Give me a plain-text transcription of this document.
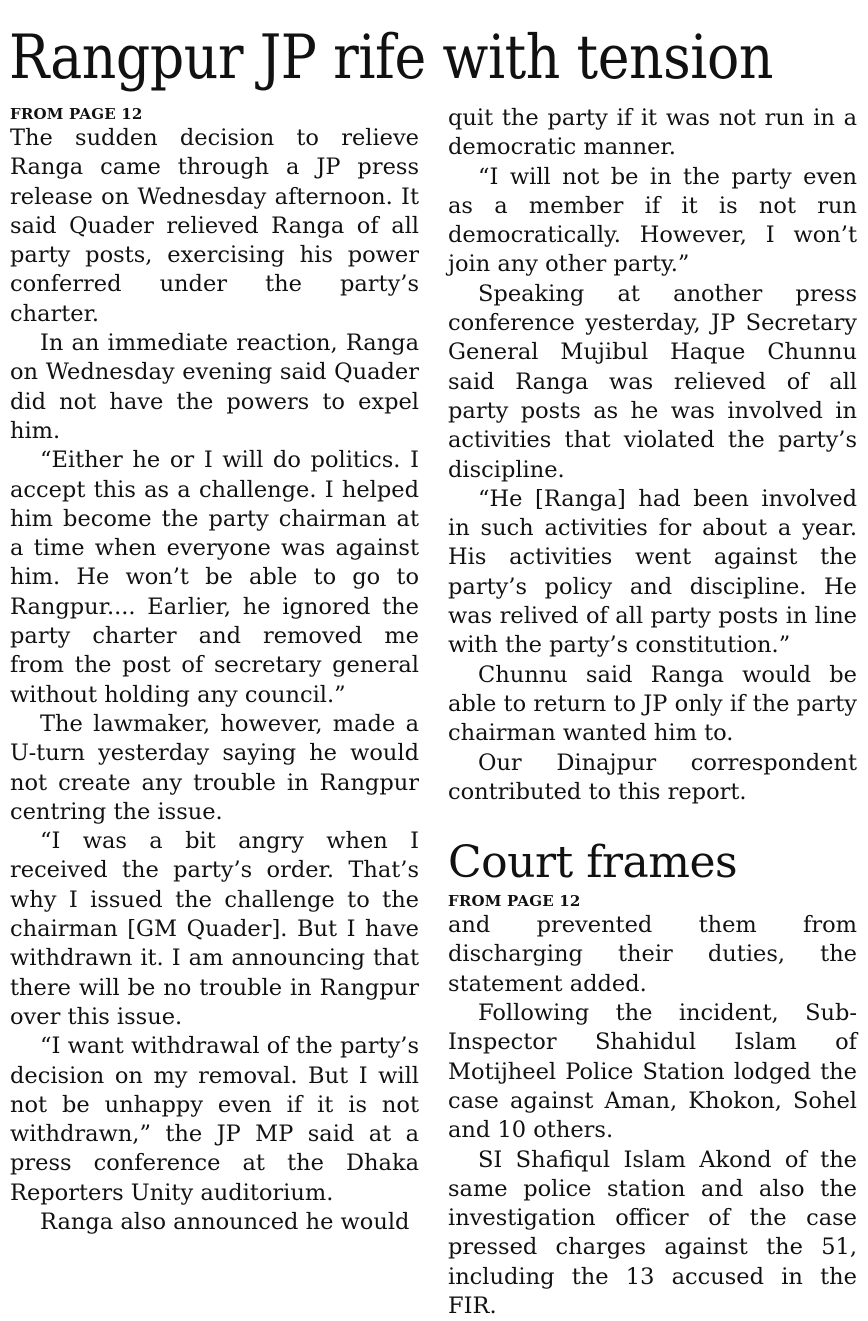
Rangpur JP rife with tension

FROM PAGE 12

The sudden decision to relieve Ranga came through a JP press release on Wednesday afternoon. It said Quader relieved Ranga of all party posts, exercising his power conferred under the party’s charter.

In an immediate reaction, Ranga on Wednesday evening said Quader did not have the powers to expel him.

“Either he or I will do politics. I accept this as a challenge. I helped him become the party chairman at a time when everyone was against him. He won’t be able to go to Rangpur.... Earlier, he ignored the party charter and removed me from the post of secretary general without holding any council.”

The lawmaker, however, made a U-turn yesterday saying he would not create any trouble in Rangpur centring the issue.

“I was a bit angry when I received the party’s order. That’s why I issued the challenge to the chairman [GM Quader]. But I have withdrawn it. I am announcing that there will be no trouble in Rangpur over this issue.

“I want withdrawal of the party’s decision on my removal. But I will not be unhappy even if it is not withdrawn,” the JP MP said at a press conference at the Dhaka Reporters Unity auditorium.

Ranga also announced he would

quit the party if it was not run in a democratic manner.

“I will not be in the party even as a member if it is not run democratically. However, I won’t join any other party.”

Speaking at another press conference yesterday, JP Secretary General Mujibul Haque Chunnu said Ranga was relieved of all party posts as he was involved in activities that violated the party’s discipline.

“He [Ranga] had been involved in such activities for about a year. His activities went against the party’s policy and discipline. He was relived of all party posts in line with the party’s constitution.”

Chunnu said Ranga would be able to return to JP only if the party chairman wanted him to.

Our Dinajpur correspondent contributed to this report.

Court frames

FROM PAGE 12

and prevented them from discharging their duties, the statement added.

Following the incident, Sub-Inspector Shahidul Islam of Motijheel Police Station lodged the case against Aman, Khokon, Sohel and 10 others.

SI Shafiqul Islam Akond of the same police station and also the investigation officer of the case pressed charges against the 51, including the 13 accused in the FIR.
